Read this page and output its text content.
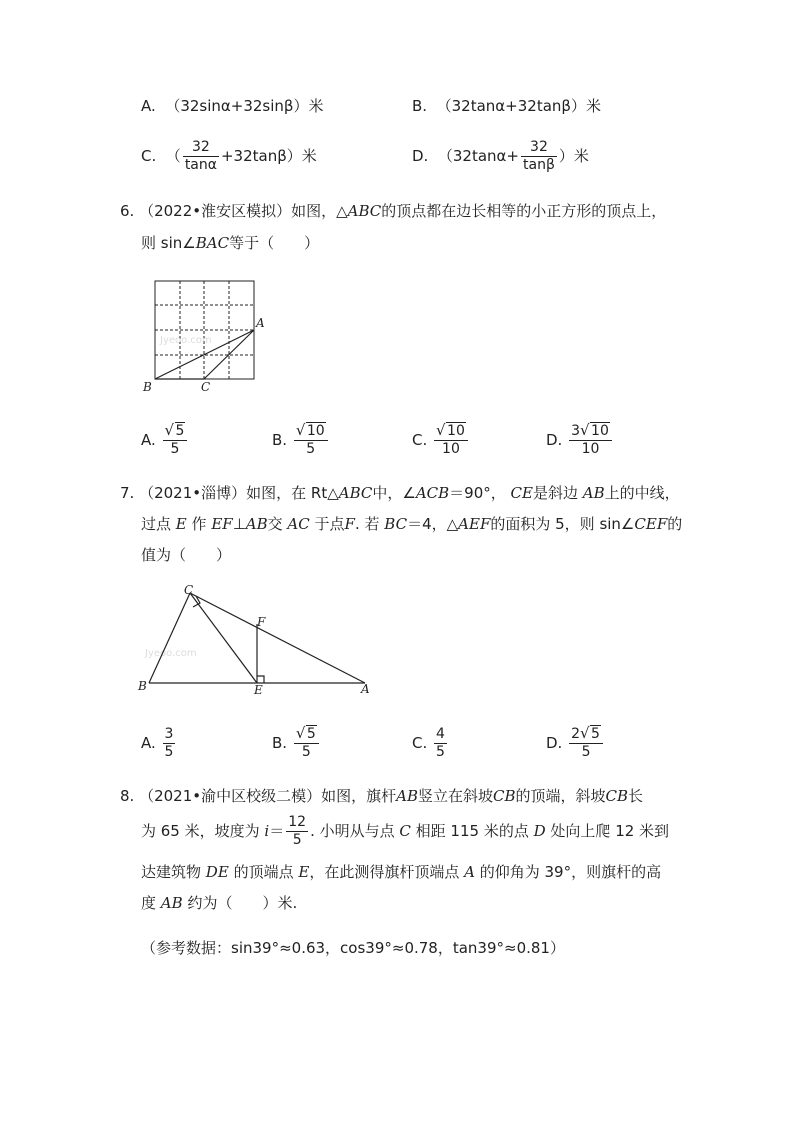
A. （32sinα+32sinβ）米	B. （32tanα+32tanβ）米
C. （ $\frac{32}{\tan\alpha} +32\tan\beta$）米	D. （$32\tan\alpha+ \frac{32}{\tan\beta}$ ）米
6. （2022•淮安区模拟）如图，△ABC的顶点都在边长相等的小正方形的顶点上，
则 sin∠BAC等于（　　）
Jyeoo.com
A
B	C
A. $\frac{√ 5}{5}$	B. $\frac{√ 10}{5}$	C. $\frac{√ 10}{10}$	D. $\frac{3 √ 10}{10}$
7. （2021•淄博）如图，在 Rt△ABC中，∠ACB＝90°， CE是斜边 AB上的中线，
过点 E 作 EF⊥AB交 AC 于点F. 若 BC＝4，△AEF的面积为 5，则 sin∠CEF的
值为（　　）
Jyeoo.com
C
F
B	E	A
A. $\frac{3}{5}$	B. $\frac{√ 5}{5}$	C. $\frac{4}{5}$	D. $\frac{2 √ 5}{5}$
8. （2021•渝中区校级二模）如图，旗杆AB竖立在斜坡CB的顶端，斜坡CB长
为 65 米，坡度为 $i= \frac{12}{5}$ . 小明从与点 C 相距 115 米的点 D 处向上爬 12 米到
达建筑物 DE 的顶端点 E，在此测得旗杆顶端点 A 的仰角为 39°，则旗杆的高
度 AB 约为（　　）米.
（参考数据：sin39°≈0.63，cos39°≈0.78，tan39°≈0.81）
